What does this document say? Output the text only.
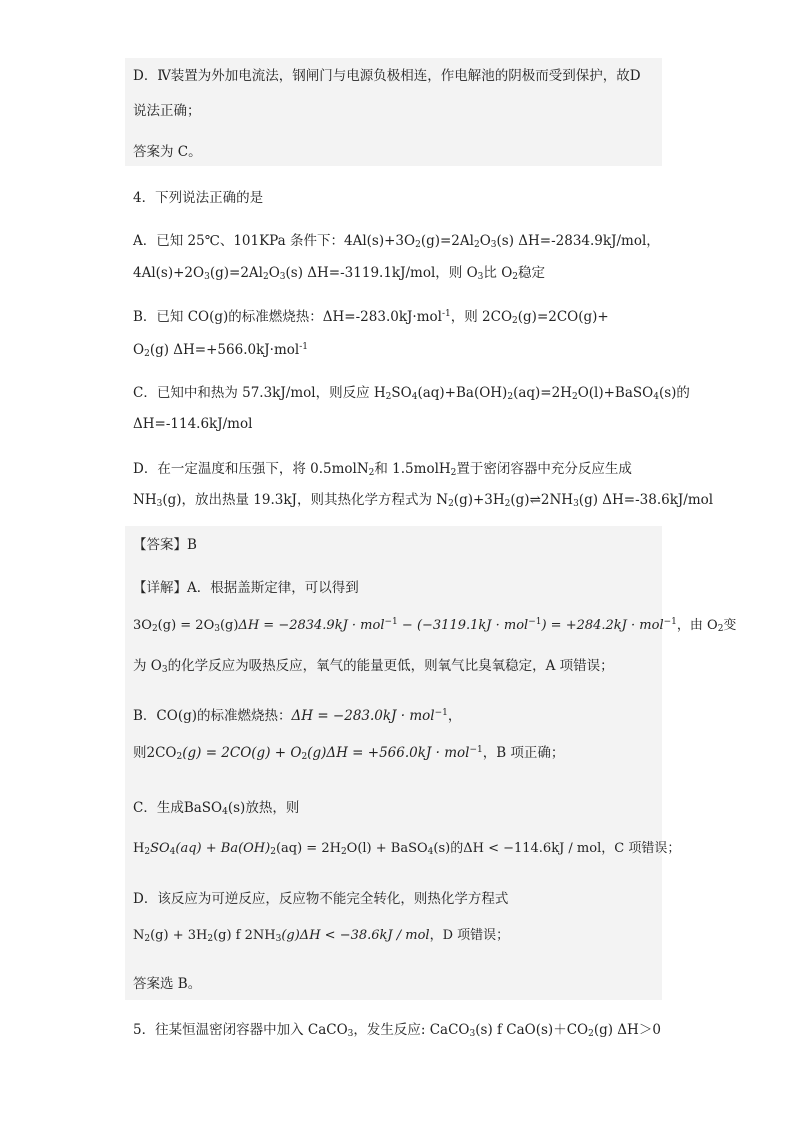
D．Ⅳ装置为外加电流法，钢闸门与电源负极相连，作电解池的阴极而受到保护，故D
说法正确；
答案为 C。
4．下列说法正确的是
A．已知 25℃、101KPa 条件下：$4Al(s)+3O_2(g)=2Al_2O_3(s)$ ΔH=-2834.9kJ/mol，
$4Al(s)+2O_3(g)=2Al_2O_3(s)$ ΔH=-3119.1kJ/mol，则 $O_3$比 $O_2$稳定
B．已知 CO(g)的标准燃烧热：ΔH=-283.0kJ·mol$^{-1}$，则 $2CO_2(g)=2CO(g)+$
$O_2(g)$ ΔH=+566.0kJ·mol$^{-1}$
C．已知中和热为 57.3kJ/mol，则反应 $H_2SO_4(aq)+Ba(OH)_2(aq)=2H_2O(l)+BaSO_4(s)$的
ΔH=-114.6kJ/mol
D．在一定温度和压强下，将 0.5molN$_2$和 1.5molH$_2$置于密闭容器中充分反应生成
$NH_3(g)$，放出热量 19.3kJ，则其热化学方程式为 $N_2(g)+3H_2(g)\rightleftharpoons 2NH_3(g)$ ΔH=-38.6kJ/mol
【答案】B
【详解】A．根据盖斯定律，可以得到
$3O_2(g) = 2O_3(g)\Delta H = -2834.9kJ \cdot mol^{-1} - (-3119.1kJ \cdot mol^{-1}) = +284.2kJ \cdot mol^{-1}$，由 $O_2$变
为 $O_3$的化学反应为吸热反应，氧气的能量更低，则氧气比臭氧稳定，A 项错误；
B．CO(g)的标准燃烧热：ΔH = −283.0kJ · mol$^{-1}$，
则$2CO_2(g) = 2CO(g) + O_2(g)\Delta H = +566.0kJ \cdot mol^{-1}$，B 项正确；
C．生成BaSO$_4$(s)放热，则
$H_2SO_4(aq) + Ba(OH)_2(aq) = 2H_2O(l)$ + BaSO$_4$(s)的ΔH < −114.6kJ / mol，C 项错误；
D．该反应为可逆反应，反应物不能完全转化，则热化学方程式
$N_2(g) + 3H_2(g)$ f $2NH_3(g)\Delta H < -38.6kJ$ / mol，D 项错误；
答案选 B。
5．往某恒温密闭容器中加入 CaCO$_3$，发生反应: CaCO$_3$(s) f $CaO(s)+CO_2(g)$ ΔH＞0
